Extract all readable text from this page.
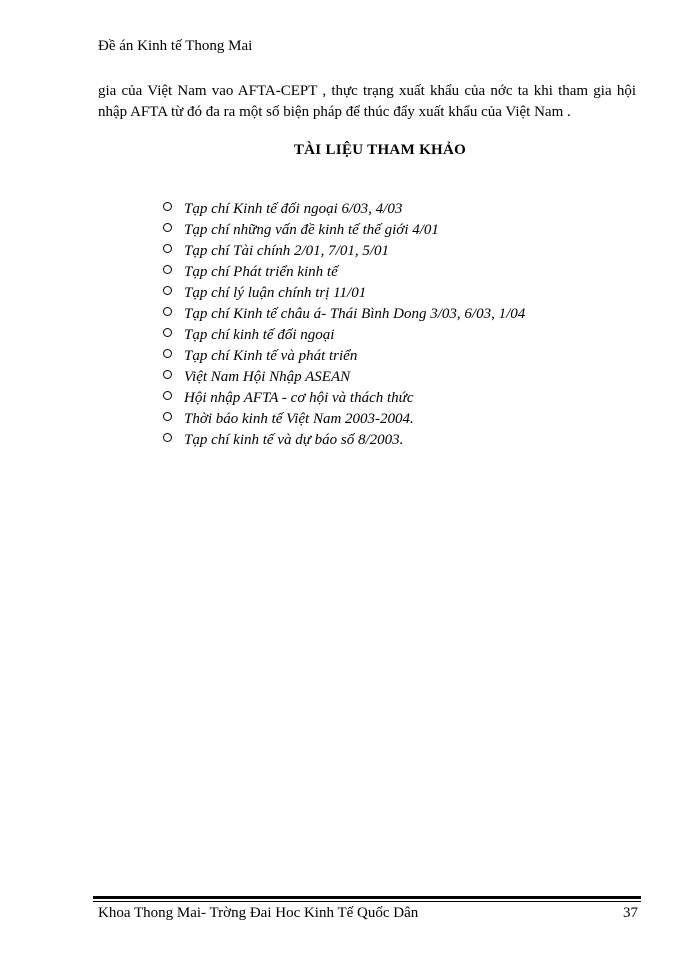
Đề án Kinh tế Thong Mai
gia của Việt Nam vao AFTA-CEPT , thực trạng xuất khẩu của nớc ta khi tham gia hội nhập AFTA từ đó đa ra một số biện pháp để thúc đẩy xuất khẩu của Việt Nam .
TÀI LIỆU THAM KHẢO
Tạp chí Kinh tế đối ngoại 6/03, 4/03
Tạp chí những vấn đề kinh tế thế giới 4/01
Tạp chí Tài chính 2/01, 7/01, 5/01
Tạp chí Phát triển kinh tế
Tạp chí lý luận chính trị 11/01
Tạp chí Kinh tế châu á- Thái Bình Dong 3/03, 6/03, 1/04
Tạp chí kinh tế đối ngoại
Tạp chí Kinh tế và phát triển
Việt Nam Hội Nhập ASEAN
Hội nhập AFTA - cơ hội và thách thức
Thời báo kinh tế Việt Nam 2003-2004.
Tạp chí kinh tế và dự báo số 8/2003.
Khoa Thong Mai- Trờng Đai Hoc Kinh Tế Quốc Dân	37
